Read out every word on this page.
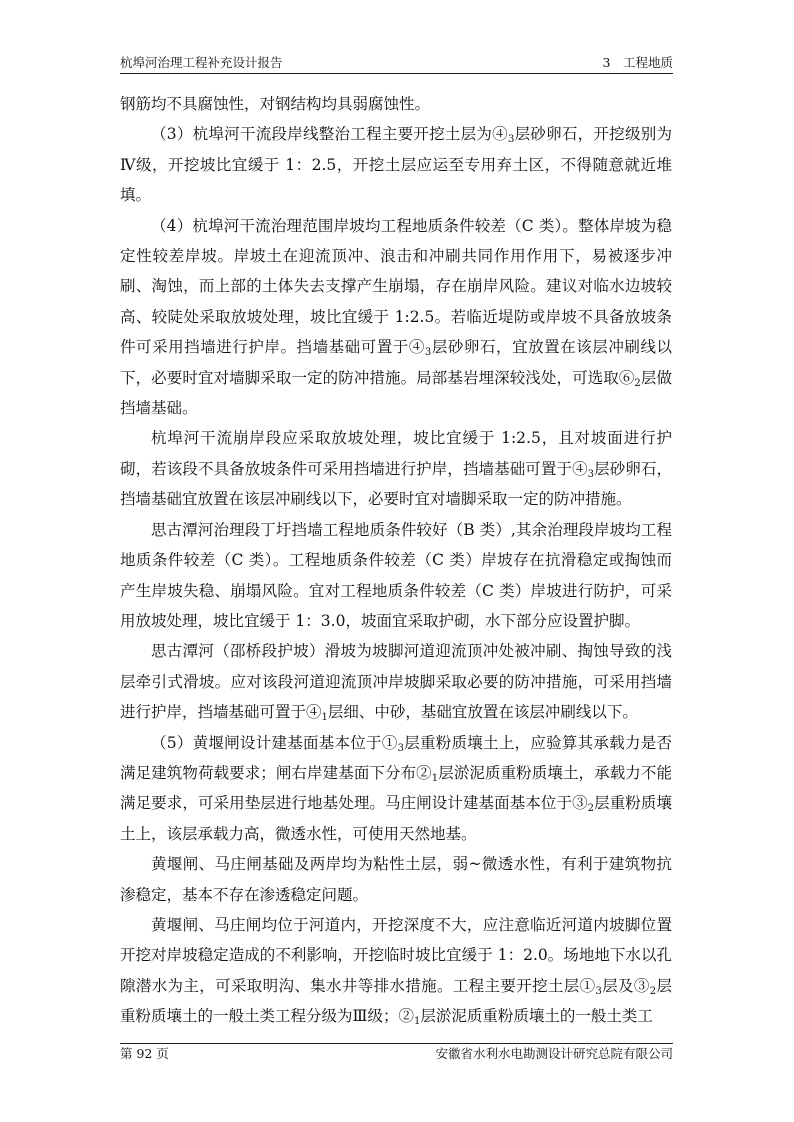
杭埠河治理工程补充设计报告	3　工程地质

钢筋均不具腐蚀性，对钢结构均具弱腐蚀性。

（3）杭埠河干流段岸线整治工程主要开挖土层为$④_3$层砂卵石，开挖级别为Ⅳ级，开挖坡比宜缓于 1：2.5，开挖土层应运至专用弃土区，不得随意就近堆填。

（4）杭埠河干流治理范围岸坡均工程地质条件较差（C 类）。整体岸坡为稳定性较差岸坡。岸坡土在迎流顶冲、浪击和冲刷共同作用作用下，易被逐步冲刷、淘蚀，而上部的土体失去支撑产生崩塌，存在崩岸风险。建议对临水边坡较高、较陡处采取放坡处理，坡比宜缓于 1:2.5。若临近堤防或岸坡不具备放坡条件可采用挡墙进行护岸。挡墙基础可置于$④_3$层砂卵石，宜放置在该层冲刷线以下，必要时宜对墙脚采取一定的防冲措施。局部基岩埋深较浅处，可选取$⑥_2$层做挡墙基础。

杭埠河干流崩岸段应采取放坡处理，坡比宜缓于 1:2.5，且对坡面进行护砌，若该段不具备放坡条件可采用挡墙进行护岸，挡墙基础可置于$④_3$层砂卵石，挡墙基础宜放置在该层冲刷线以下，必要时宜对墙脚采取一定的防冲措施。

思古潭河治理段丁圩挡墙工程地质条件较好（B 类）,其余治理段岸坡均工程地质条件较差（C 类）。工程地质条件较差（C 类）岸坡存在抗滑稳定或掏蚀而产生岸坡失稳、崩塌风险。宜对工程地质条件较差（C 类）岸坡进行防护，可采用放坡处理，坡比宜缓于 1：3.0，坡面宜采取护砌，水下部分应设置护脚。

思古潭河（邵桥段护坡）滑坡为坡脚河道迎流顶冲处被冲刷、掏蚀导致的浅层牵引式滑坡。应对该段河道迎流顶冲岸坡脚采取必要的防冲措施，可采用挡墙进行护岸，挡墙基础可置于$④_1$层细、中砂，基础宜放置在该层冲刷线以下。

（5）黄堰闸设计建基面基本位于$①_3$层重粉质壤土上，应验算其承载力是否满足建筑物荷载要求；闸右岸建基面下分布$②_1$层淤泥质重粉质壤土，承载力不能满足要求，可采用垫层进行地基处理。马庄闸设计建基面基本位于$③_2$层重粉质壤土上，该层承载力高，微透水性，可使用天然地基。

黄堰闸、马庄闸基础及两岸均为粘性土层，弱~微透水性，有利于建筑物抗渗稳定，基本不存在渗透稳定问题。

黄堰闸、马庄闸均位于河道内，开挖深度不大，应注意临近河道内坡脚位置开挖对岸坡稳定造成的不利影响，开挖临时坡比宜缓于 1：2.0。场地地下水以孔隙潜水为主，可采取明沟、集水井等排水措施。工程主要开挖土层$①_3$层及$③_2$层重粉质壤土的一般土类工程分级为Ⅲ级；$②_1$层淤泥质重粉质壤土的一般土类工

第 92 页	安徽省水利水电勘测设计研究总院有限公司
